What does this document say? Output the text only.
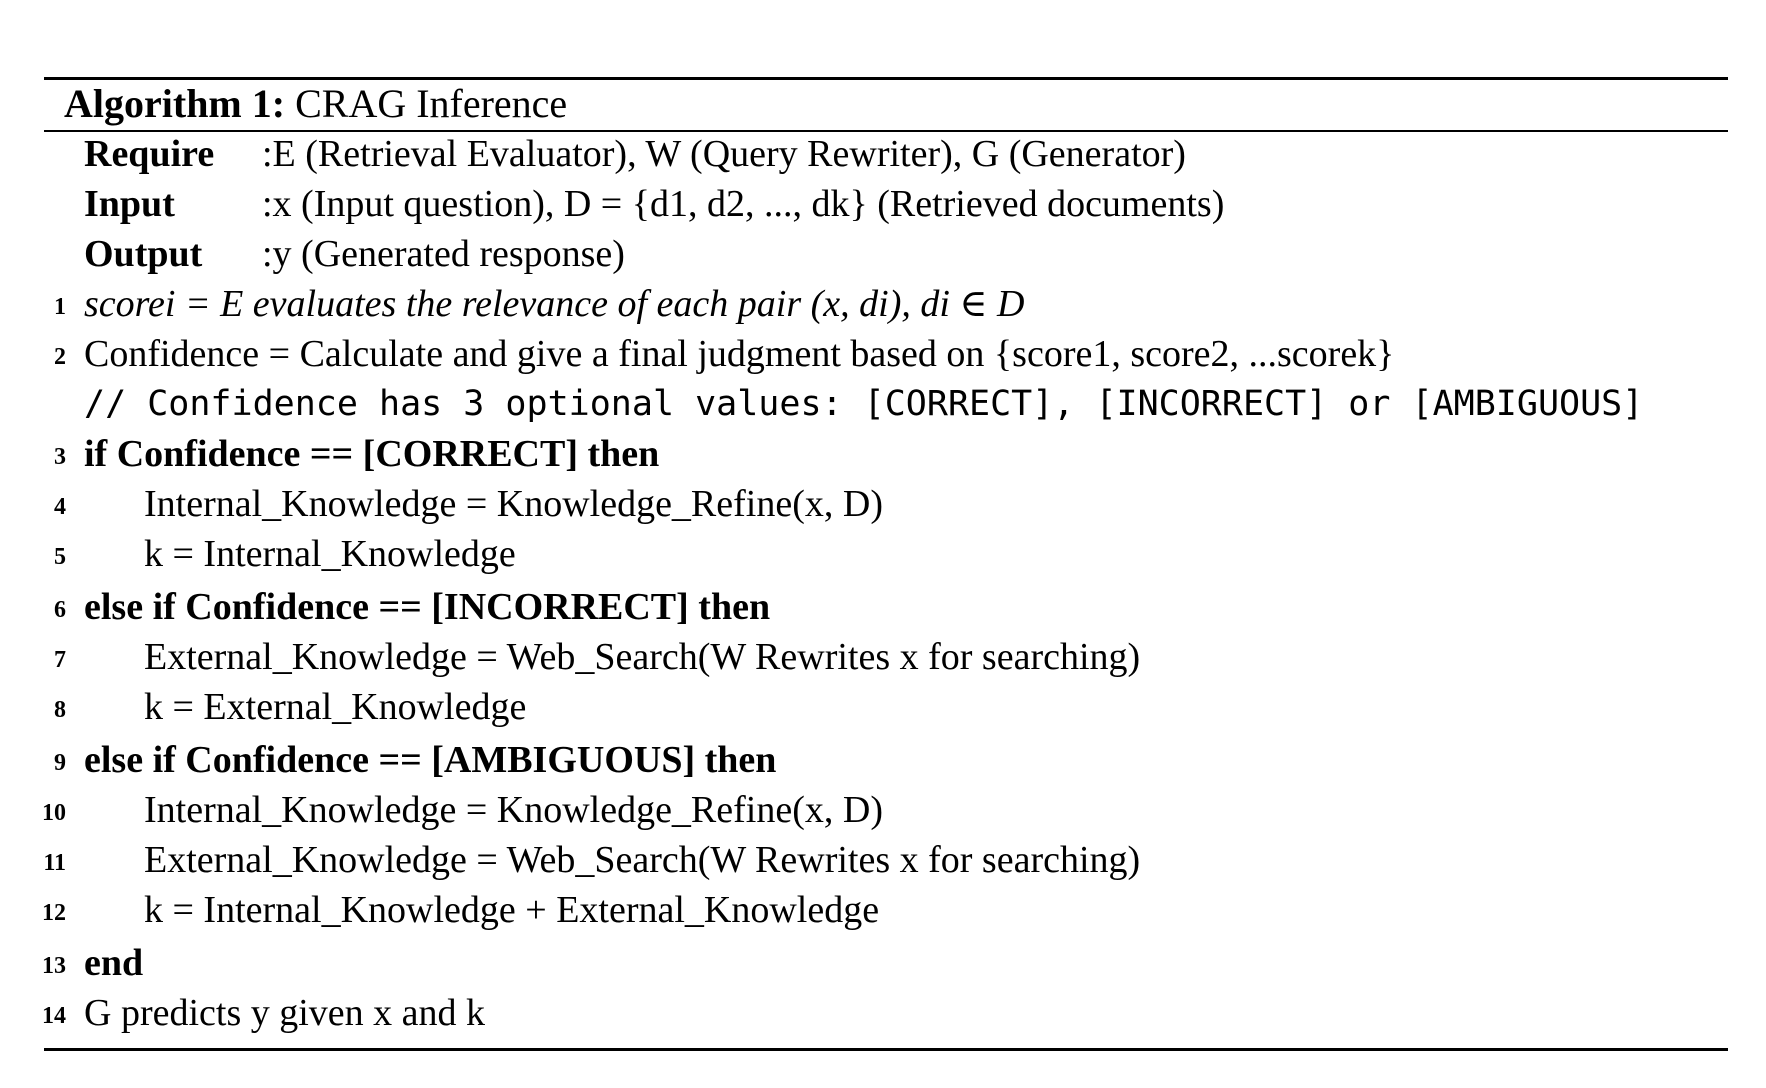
Algorithm 1: CRAG Inference
Require :E (Retrieval Evaluator), W (Query Rewriter), G (Generator)
Input :x (Input question), D = {d1, d2, ..., dk} (Retrieved documents)
Output :y (Generated response)
1 scorei = E evaluates the relevance of each pair (x, di), di ∈ D
2 Confidence = Calculate and give a final judgment based on {score1, score2, ...scorek}
// Confidence has 3 optional values: [CORRECT], [INCORRECT] or [AMBIGUOUS]
3 if Confidence == [CORRECT] then
4 Internal_Knowledge = Knowledge_Refine(x, D)
5 k = Internal_Knowledge
6 else if Confidence == [INCORRECT] then
7 External_Knowledge = Web_Search(W Rewrites x for searching)
8 k = External_Knowledge
9 else if Confidence == [AMBIGUOUS] then
10 Internal_Knowledge = Knowledge_Refine(x, D)
11 External_Knowledge = Web_Search(W Rewrites x for searching)
12 k = Internal_Knowledge + External_Knowledge
13 end
14 G predicts y given x and k
